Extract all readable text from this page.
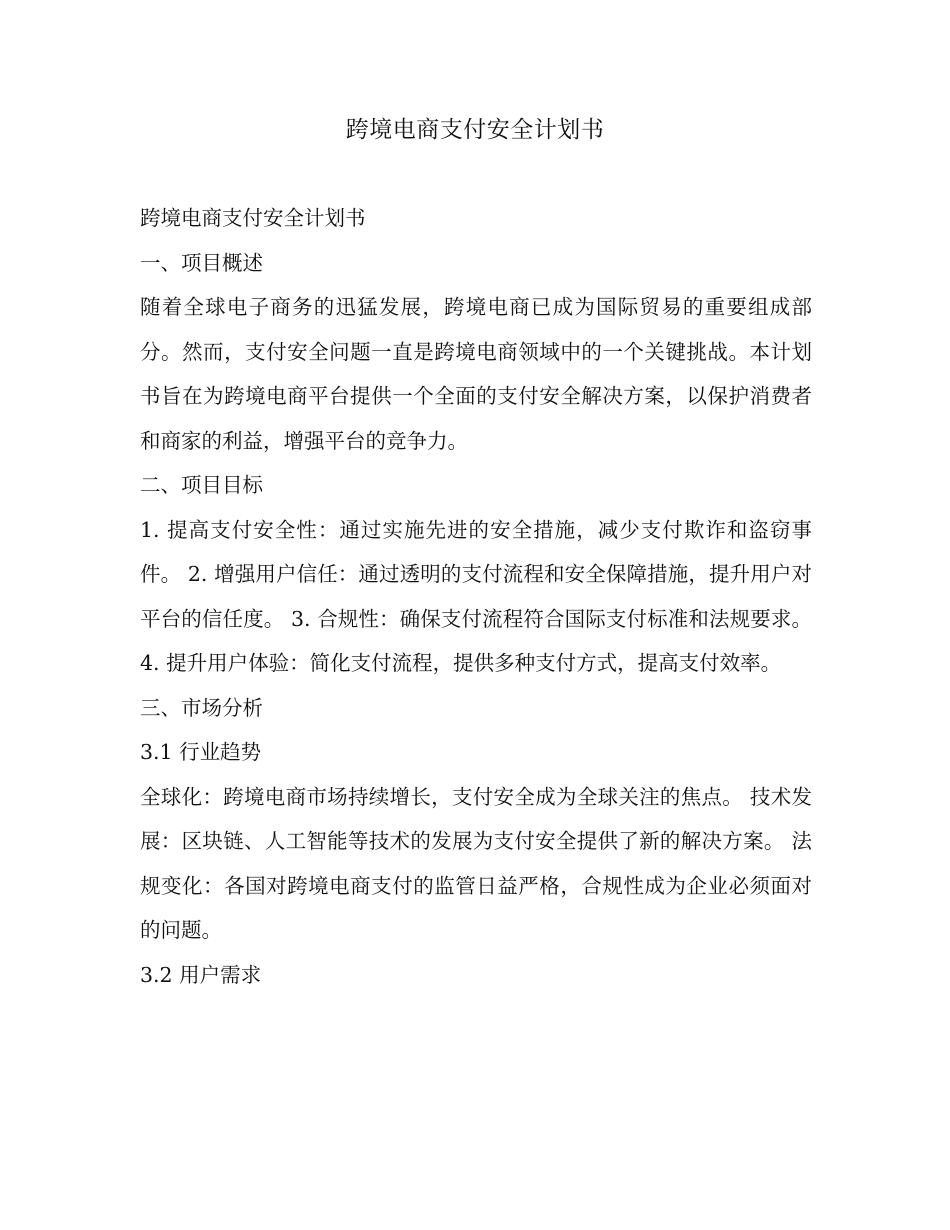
跨境电商支付安全计划书

跨境电商支付安全计划书

一、项目概述

随着全球电子商务的迅猛发展，跨境电商已成为国际贸易的重要组成部分。然而，支付安全问题一直是跨境电商领域中的一个关键挑战。本计划书旨在为跨境电商平台提供一个全面的支付安全解决方案，以保护消费者和商家的利益，增强平台的竞争力。

二、项目目标

1. 提高支付安全性：通过实施先进的安全措施，减少支付欺诈和盗窃事件。 2. 增强用户信任：通过透明的支付流程和安全保障措施，提升用户对平台的信任度。 3. 合规性：确保支付流程符合国际支付标准和法规要求。 4. 提升用户体验：简化支付流程，提供多种支付方式，提高支付效率。

三、市场分析

3.1 行业趋势

全球化：跨境电商市场持续增长，支付安全成为全球关注的焦点。 技术发展：区块链、人工智能等技术的发展为支付安全提供了新的解决方案。 法规变化：各国对跨境电商支付的监管日益严格，合规性成为企业必须面对的问题。

3.2 用户需求
